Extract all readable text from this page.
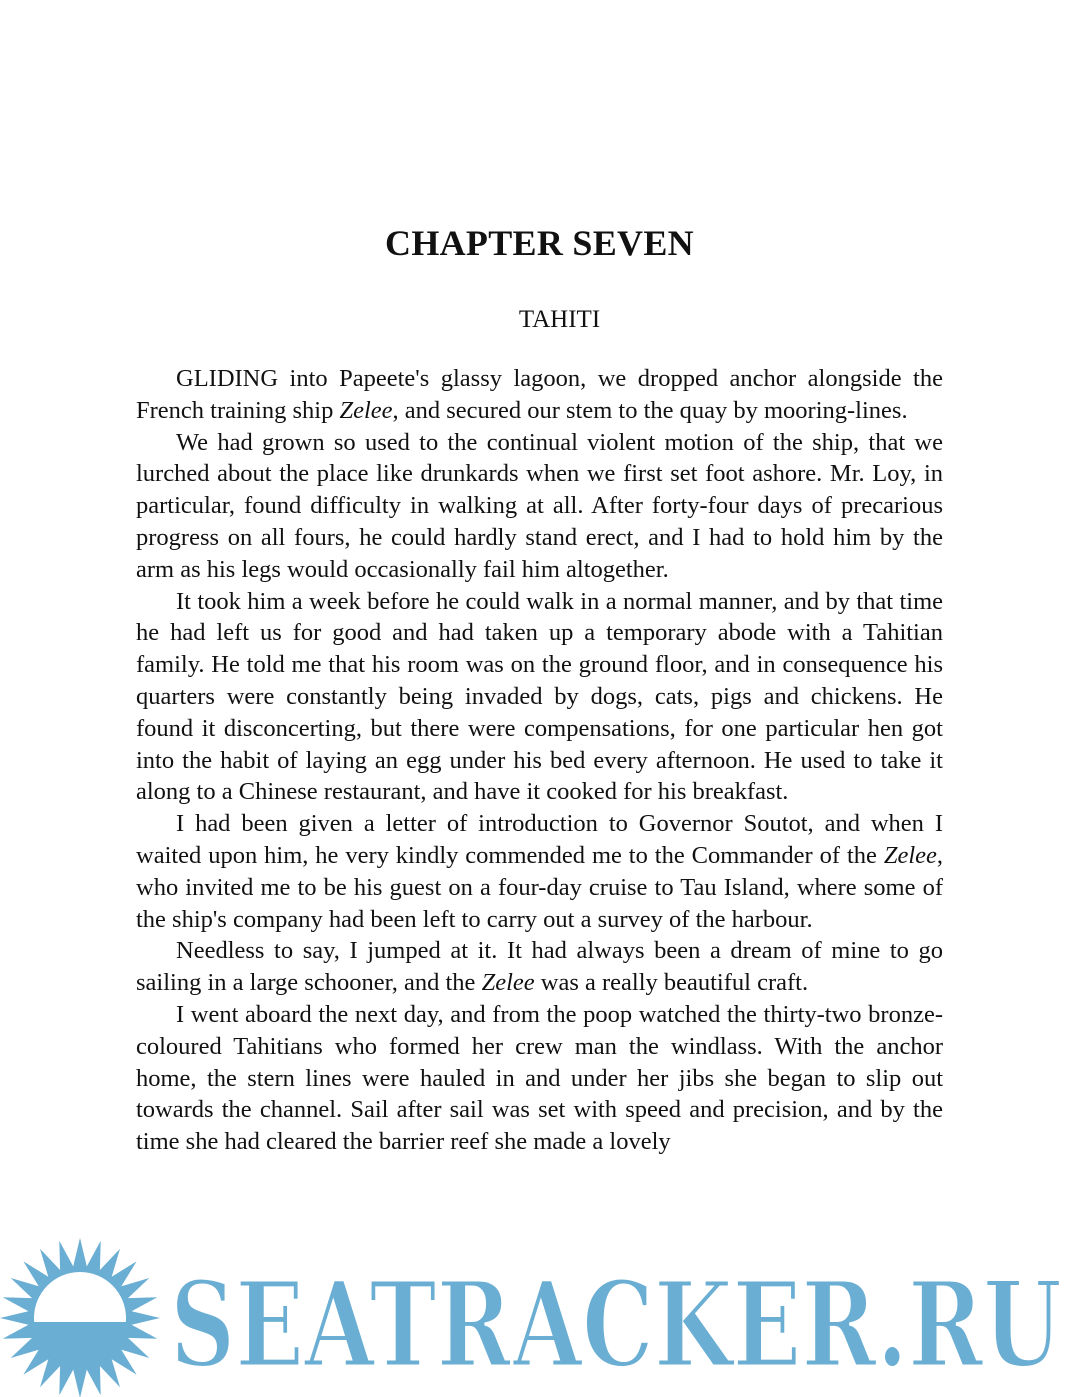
CHAPTER SEVEN
TAHITI

GLIDING into Papeete's glassy lagoon, we dropped anchor alongside the French training ship Zelee, and secured our stem to the quay by mooring-lines.

We had grown so used to the continual violent motion of the ship, that we lurched about the place like drunkards when we first set foot ashore. Mr. Loy, in particular, found difficulty in walking at all. After forty-four days of precarious progress on all fours, he could hardly stand erect, and I had to hold him by the arm as his legs would occasionally fail him altogether.

It took him a week before he could walk in a normal manner, and by that time he had left us for good and had taken up a temporary abode with a Tahitian family. He told me that his room was on the ground floor, and in consequence his quarters were constantly being invaded by dogs, cats, pigs and chickens. He found it disconcerting, but there were compensations, for one particular hen got into the habit of laying an egg under his bed every afternoon. He used to take it along to a Chinese restaurant, and have it cooked for his breakfast.

I had been given a letter of introduction to Governor Soutot, and when I waited upon him, he very kindly commended me to the Commander of the Zelee, who invited me to be his guest on a four-day cruise to Tau Island, where some of the ship's company had been left to carry out a survey of the harbour.

Needless to say, I jumped at it. It had always been a dream of mine to go sailing in a large schooner, and the Zelee was a really beautiful craft.

I went aboard the next day, and from the poop watched the thirty-two bronze-coloured Tahitians who formed her crew man the windlass. With the anchor home, the stern lines were hauled in and under her jibs she began to slip out towards the channel. Sail after sail was set with speed and precision, and by the time she had cleared the barrier reef she made a lovely

SEATRACKER.RU
